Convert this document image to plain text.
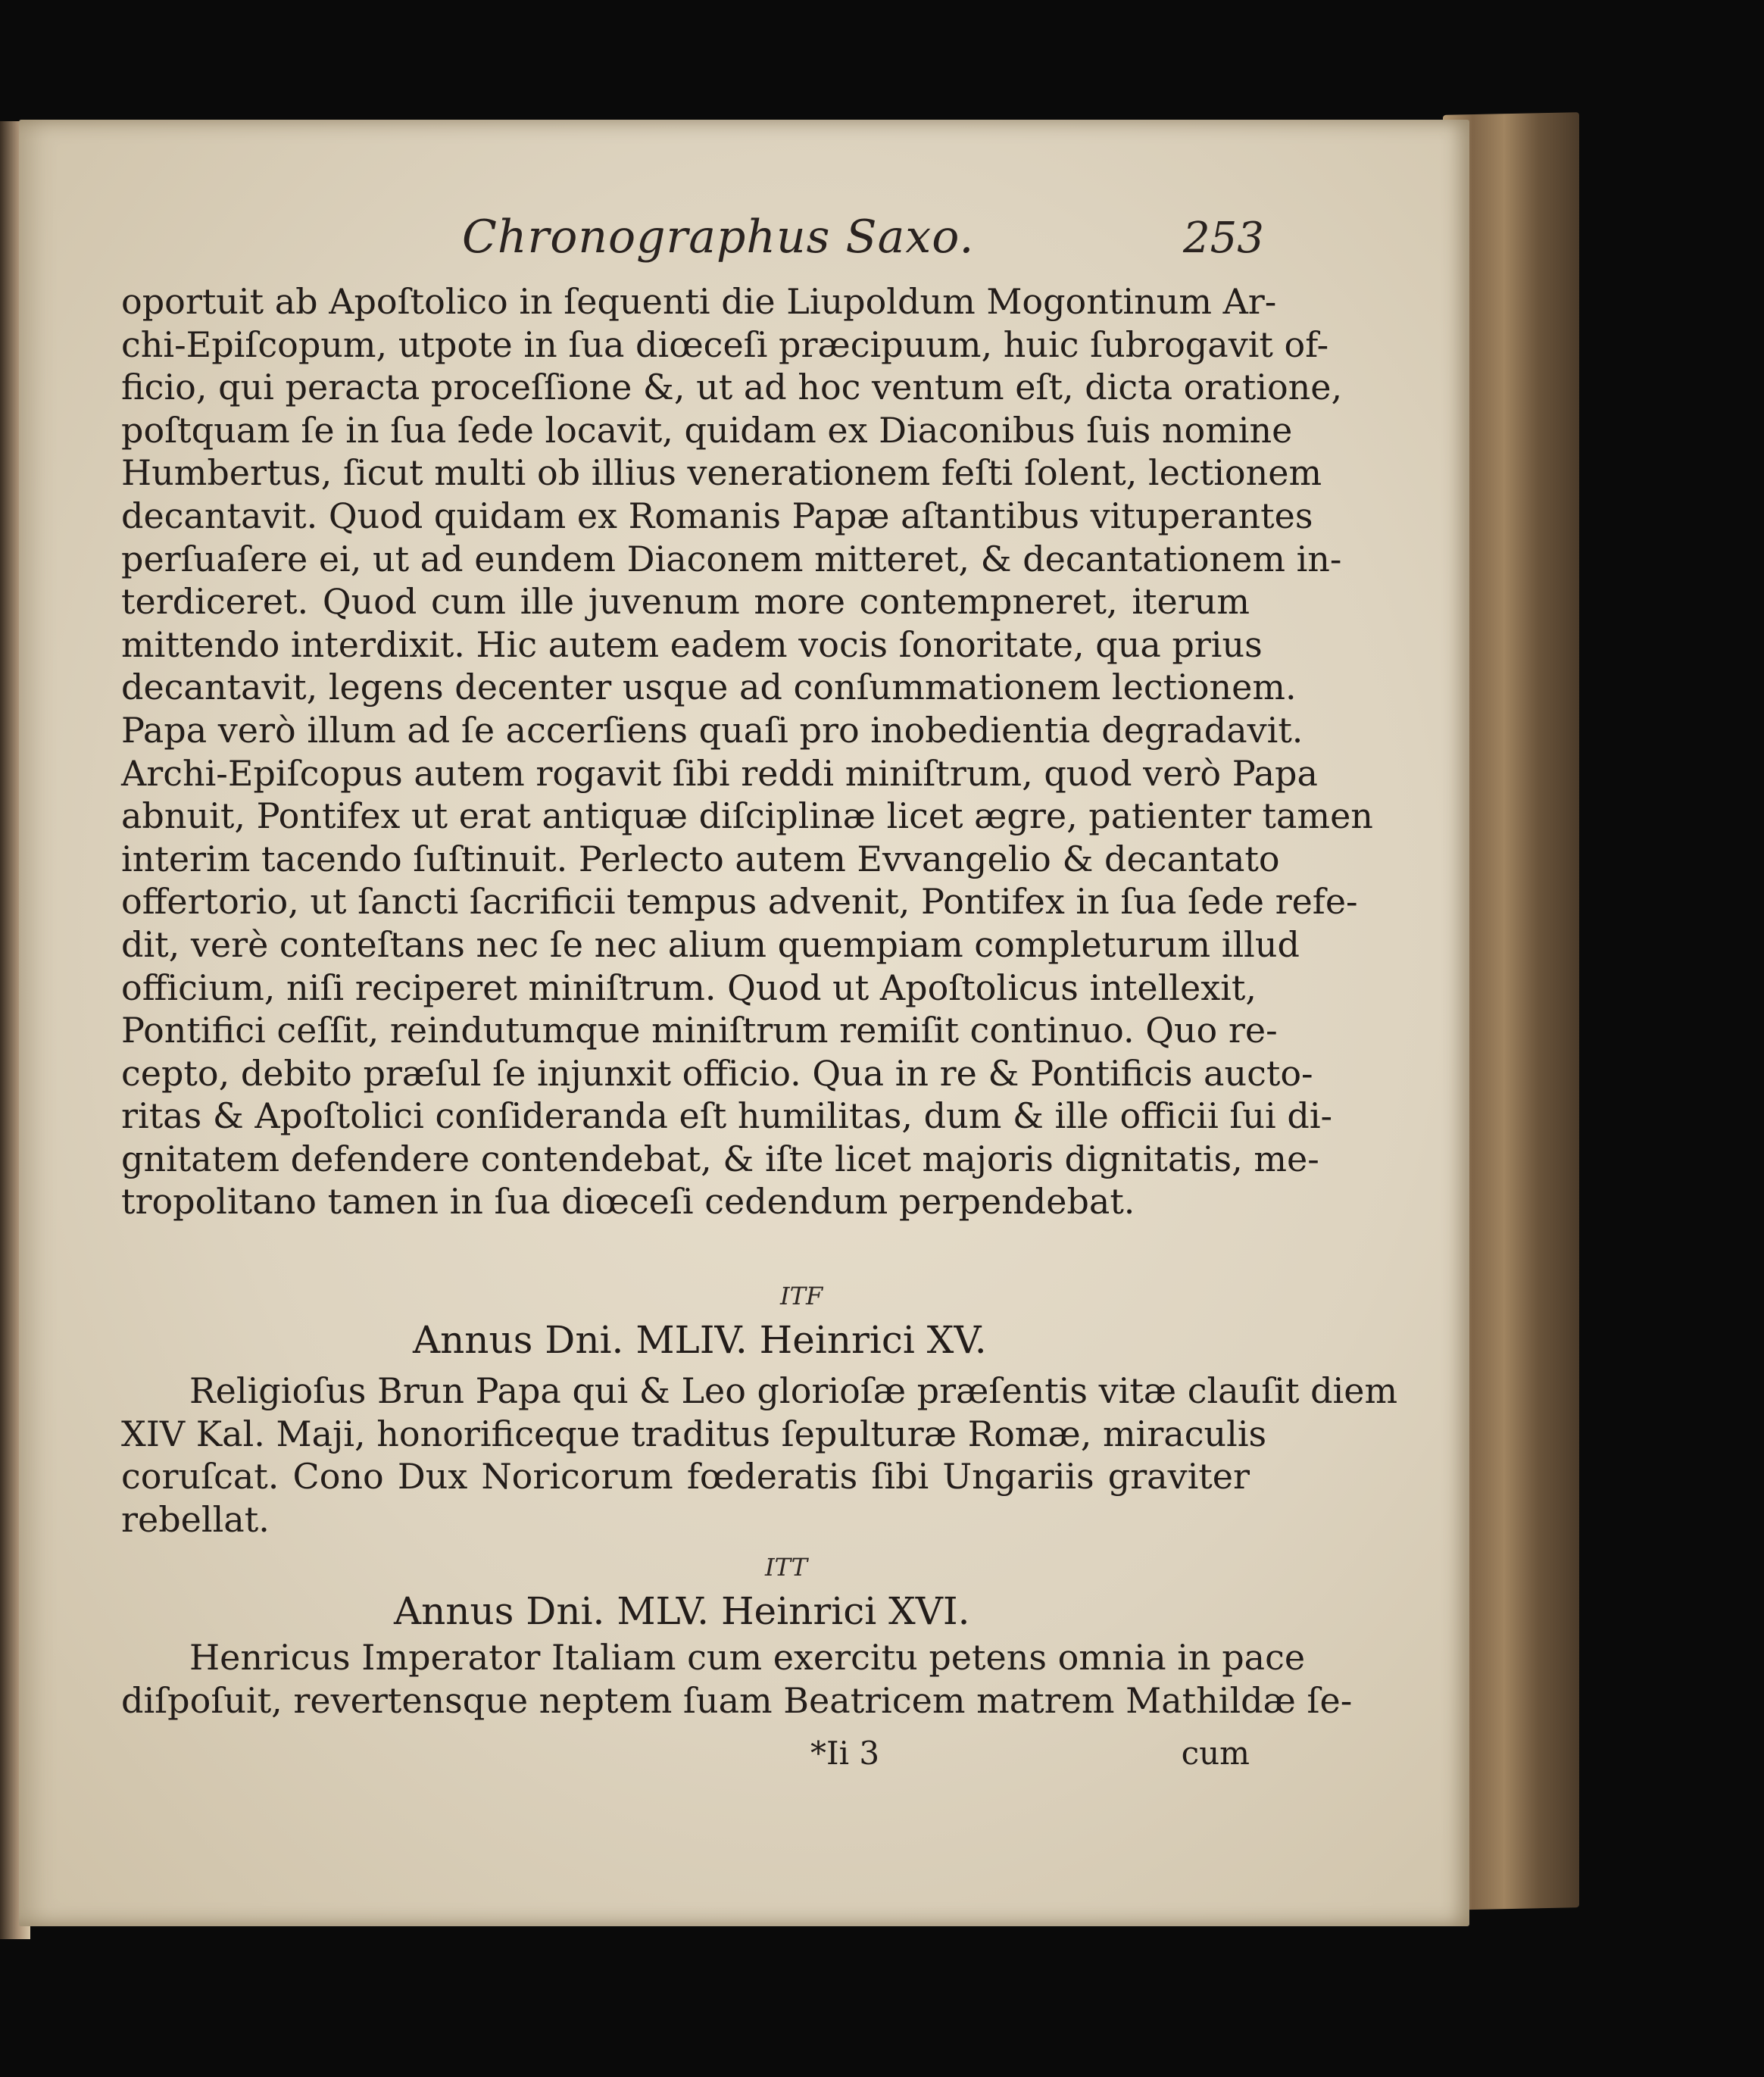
Chronographus Saxo.	253
oportuit ab Apoſtolico in ſequenti die Liupoldum Mogontinum Ar-
chi-Epiſcopum, utpote in ſua diœceſi præcipuum, huic ſubrogavit of-
ficio, qui peracta proceſſione &, ut ad hoc ventum eſt, dicta oratione,
poſtquam ſe in ſua ſede locavit, quidam ex Diaconibus ſuis nomine
Humbertus, ſicut multi ob illius venerationem feſti ſolent, lectionem
decantavit. Quod quidam ex Romanis Papæ aſtantibus vituperantes
perſuaſere ei, ut ad eundem Diaconem mitteret, & decantationem in-
terdiceret. Quod cum ille juvenum more contempneret, iterum
mittendo interdixit. Hic autem eadem vocis ſonoritate, qua prius
decantavit, legens decenter usque ad conſummationem lectionem.
Papa verò illum ad ſe accerſiens quaſi pro inobedientia degradavit.
Archi-Epiſcopus autem rogavit ſibi reddi miniſtrum, quod verò Papa
abnuit, Pontifex ut erat antiquæ diſciplinæ licet ægre, patienter tamen
interim tacendo ſuſtinuit. Perlecto autem Evvangelio & decantato
offertorio, ut ſancti ſacrificii tempus advenit, Pontifex in ſua ſede refe-
dit, verè conteſtans nec ſe nec alium quempiam completurum illud
officium, niſi reciperet miniſtrum. Quod ut Apoſtolicus intellexit,
Pontifici ceſſit, reindutumque miniſtrum remiſit continuo. Quo re-
cepto, debito præſul ſe injunxit officio. Qua in re & Pontificis aucto-
ritas & Apoſtolici conſideranda eſt humilitas, dum & ille officii ſui di-
gnitatem defendere contendebat, & iſte licet majoris dignitatis, me-
tropolitano tamen in ſua diœceſi cedendum perpendebat.
ITF
Annus Dni. MLIV. Heinrici XV.
Religioſus Brun Papa qui & Leo glorioſæ præſentis vitæ clauſit diem
XIV Kal. Maji, honorificeque traditus ſepulturæ Romæ, miraculis
coruſcat. Cono Dux Noricorum fœderatis ſibi Ungariis graviter
rebellat.
ITT
Annus Dni. MLV. Heinrici XVI.
Henricus Imperator Italiam cum exercitu petens omnia in pace
diſpoſuit, revertensque neptem ſuam Beatricem matrem Mathildæ ſe-
*Ii 3	cum
